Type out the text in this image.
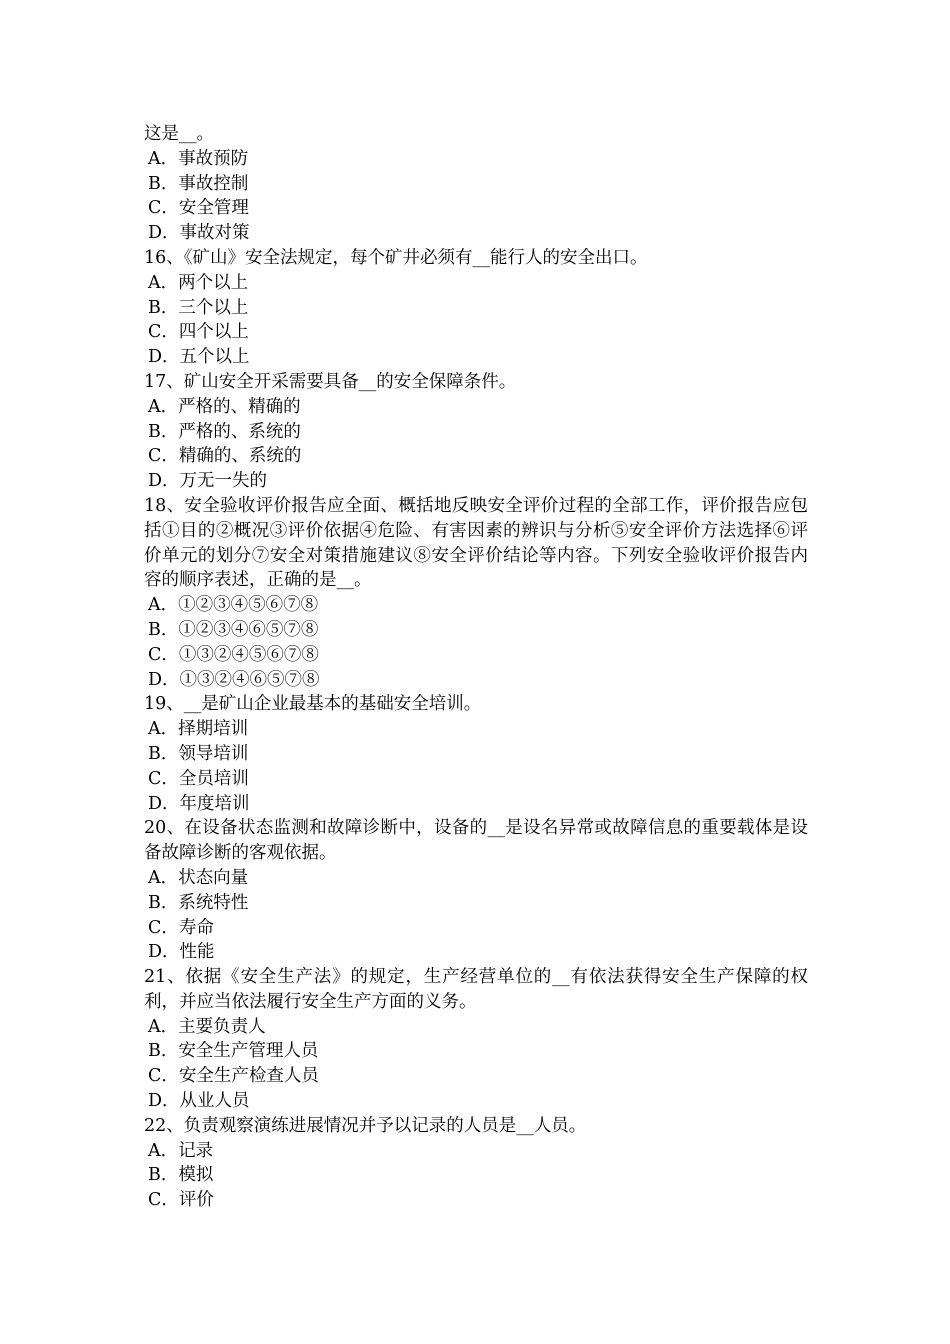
这是__。
A．事故预防
B．事故控制
C．安全管理
D．事故对策
16、《矿山》安全法规定，每个矿井必须有__能行人的安全出口。
A．两个以上
B．三个以上
C．四个以上
D．五个以上
17、矿山安全开采需要具备__的安全保障条件。
A．严格的、精确的
B．严格的、系统的
C．精确的、系统的
D．万无一失的
18、安全验收评价报告应全面、概括地反映安全评价过程的全部工作，评价报告应包括①目的②概况③评价依据④危险、有害因素的辨识与分析⑤安全评价方法选择⑥评价单元的划分⑦安全对策措施建议⑧安全评价结论等内容。下列安全验收评价报告内容的顺序表述，正确的是__。
A．①②③④⑤⑥⑦⑧
B．①②③④⑥⑤⑦⑧
C．①③②④⑤⑥⑦⑧
D．①③②④⑥⑤⑦⑧
19、__是矿山企业最基本的基础安全培训。
A．择期培训
B．领导培训
C．全员培训
D．年度培训
20、在设备状态监测和故障诊断中，设备的__是设名异常或故障信息的重要载体是设备故障诊断的客观依据。
A．状态向量
B．系统特性
C．寿命
D．性能
21、依据《安全生产法》的规定，生产经营单位的__有依法获得安全生产保障的权利，并应当依法履行安全生产方面的义务。
A．主要负责人
B．安全生产管理人员
C．安全生产检查人员
D．从业人员
22、负责观察演练进展情况并予以记录的人员是__人员。
A．记录
B．模拟
C．评价
